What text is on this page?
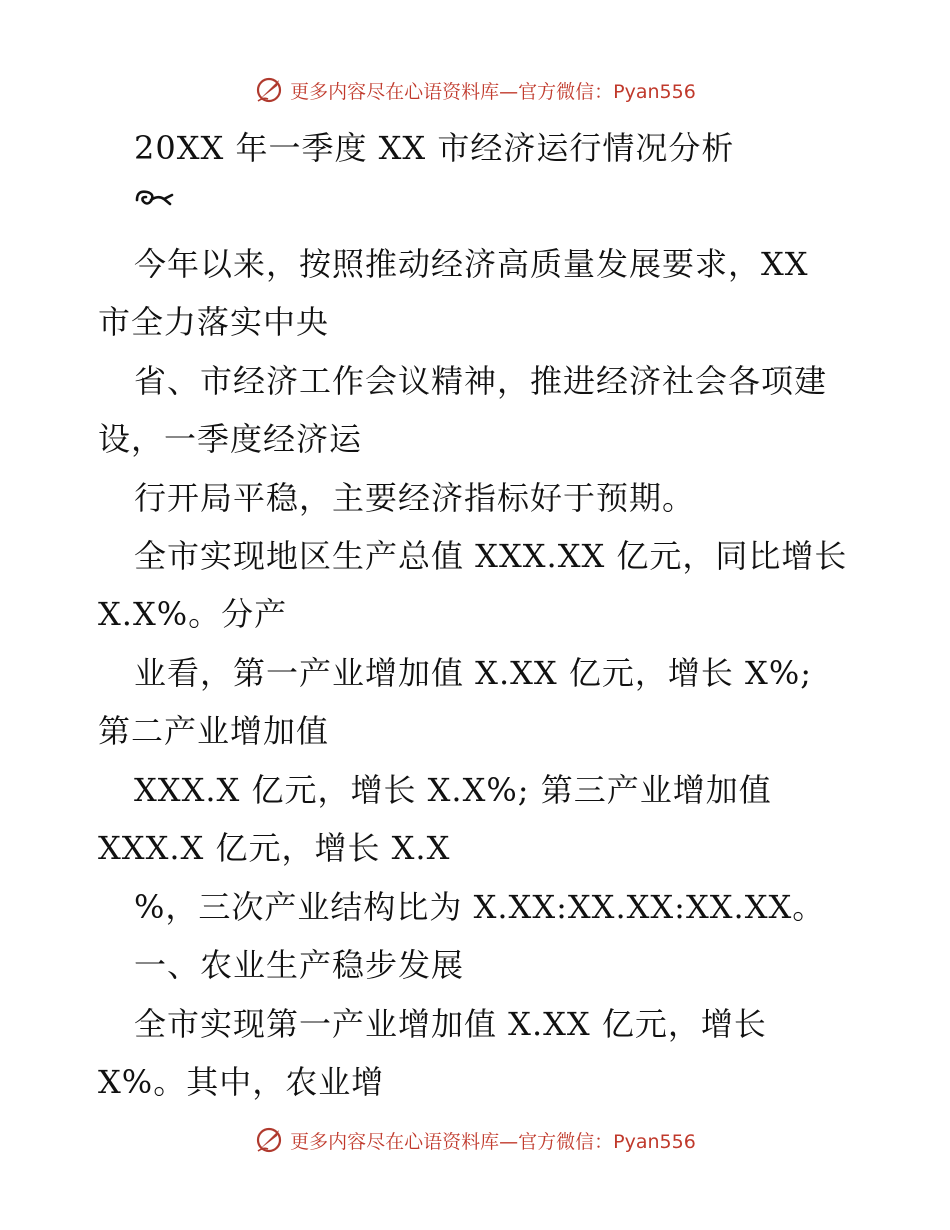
更多内容尽在心语资料库—官方微信：Pyan556
20XX 年一季度 XX 市经济运行情况分析
今年以来，按照推动经济高质量发展要求，XX
市全力落实中央
省、市经济工作会议精神，推进经济社会各项建
设，一季度经济运
行开局平稳，主要经济指标好于预期。
全市实现地区生产总值 XXX.XX 亿元，同比增长
X.X%。分产
业看，第一产业增加值 X.XX 亿元，增长 X%;
第二产业增加值
XXX.X 亿元，增长 X.X%; 第三产业增加值
XXX.X 亿元，增长 X.X
%，三次产业结构比为 X.XX:XX.XX:XX.XX。
一、农业生产稳步发展
全市实现第一产业增加值 X.XX 亿元，增长
X%。其中，农业增
更多内容尽在心语资料库—官方微信：Pyan556
